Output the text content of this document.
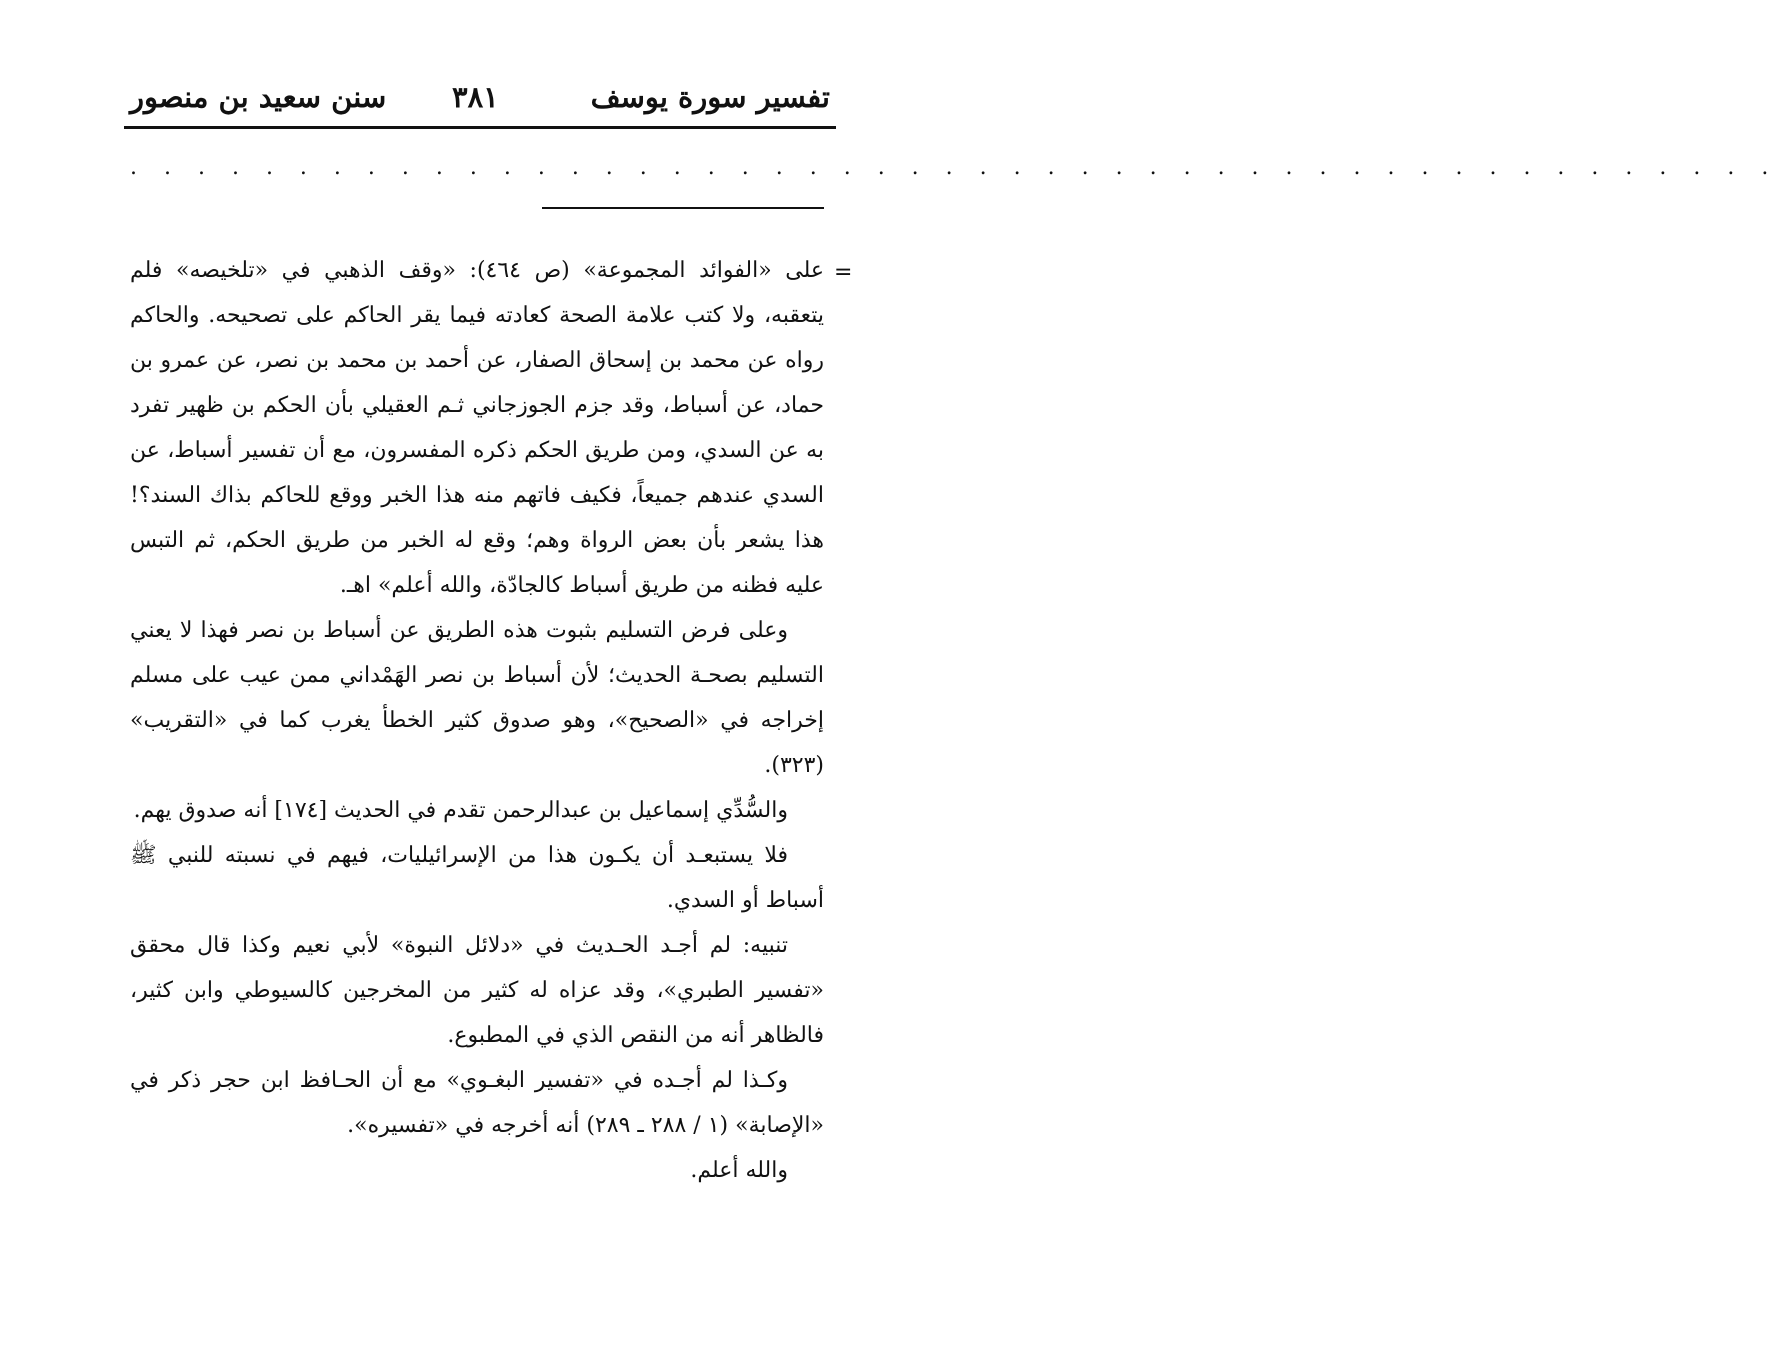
تفسير سورة يوسف
٣٨١
سنن سعيد بن منصور
. . . . . . . . . . . . . . . . . . . . . . . . . . . . . . . . . . . . . . . . . . . . . . . . .
=

على «الفوائد المجموعة» (ص ٤٦٤): «وقف الذهبي في «تلخيصه» فلم يتعقبه، ولا كتب علامة الصحة كعادته فيما يقر الحاكم على تصحيحه. والحاكم رواه عن محمد بن إسحاق الصفار، عن أحمد بن محمد بن نصر، عن عمرو بن حماد، عن أسباط، وقد جزم الجوزجاني ثـم العقيلي بأن الحكم بن ظهير تفرد به عن السدي، ومن طريق الحكم ذكره المفسرون، مع أن تفسير أسباط، عن السدي عندهم جميعاً، فكيف فاتهم منه هذا الخبر ووقع للحاكم بذاك السند؟! هذا يشعر بأن بعض الرواة وهم؛ وقع له الخبر من طريق الحكم، ثم التبس عليه فظنه من طريق أسباط كالجادّة، والله أعلم» اهـ.

وعلى فرض التسليم بثبوت هذه الطريق عن أسباط بن نصر فهذا لا يعني التسليم بصحـة الحديث؛ لأن أسباط بن نصر الهَمْداني ممن عيب على مسلم إخراجه في «الصحيح»، وهو صدوق كثير الخطأ يغرب كما في «التقريب» (٣٢٣).

والسُّدِّي إسماعيل بن عبدالرحمن تقدم في الحديث [١٧٤] أنه صدوق يهم.

فلا يستبعـد أن يكـون هذا من الإسرائيليات، فيهم في نسبته للنبي ﷺ أسباط أو السدي.

تنبيه: لم أجـد الحـديث في «دلائل النبوة» لأبي نعيم وكذا قال محقق «تفسير الطبري»، وقد عزاه له كثير من المخرجين كالسيوطي وابن كثير، فالظاهر أنه من النقص الذي في المطبوع.

وكـذا لم أجـده في «تفسير البغـوي» مع أن الحـافظ ابن حجر ذكر في «الإصابة» (١ / ٢٨٨ ـ ٢٨٩) أنه أخرجه في «تفسيره».

والله أعلم.
